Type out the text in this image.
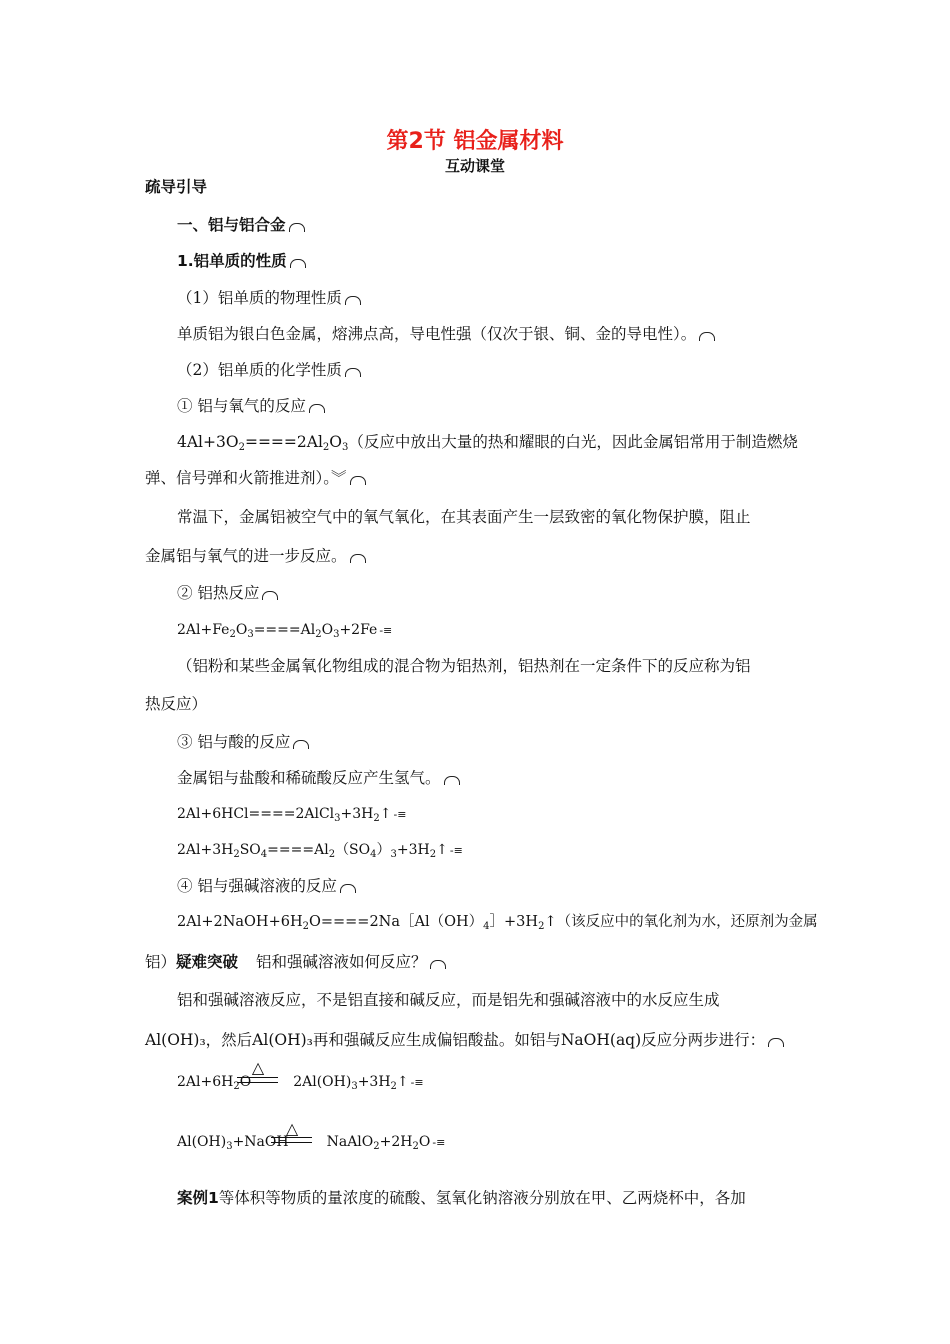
第2节 铝金属材料
互动课堂
疏导引导
一、铝与铝合金
1.铝单质的性质
（1）铝单质的物理性质
单质铝为银白色金属，熔沸点高，导电性强（仅次于银、铜、金的导电性）。
（2）铝单质的化学性质
① 铝与氧气的反应
4Al+3O2====2Al2O3（反应中放出大量的热和耀眼的白光，因此金属铝常用于制造燃烧
弹、信号弹和火箭推进剂）。︾
常温下，金属铝被空气中的氧气氧化，在其表面产生一层致密的氧化物保护膜，阻止
金属铝与氧气的进一步反应。
② 铝热反应
$2Al+Fe_2O_3====Al_2O_3+2Fe$ -≡
（铝粉和某些金属氧化物组成的混合物为铝热剂，铝热剂在一定条件下的反应称为铝
热反应）
③ 铝与酸的反应
金属铝与盐酸和稀硫酸反应产生氢气。
$2Al+6HCl====2AlCl_3+3H_2↑$ -≡
$2Al+3H_2SO_4====Al_2(SO_4)_3+3H_2↑$ -≡
④ 铝与强碱溶液的反应
$2Al+2NaOH+6H_2O====2Na[Al(OH)_4]+3H_2↑$（该反应中的氧化剂为水，还原剂为金属
铝）疑难突破 铝和强碱溶液如何反应？
铝和强碱溶液反应，不是铝直接和碱反应，而是铝先和强碱溶液中的水反应生成
Al(OH)₃，然后Al(OH)₃再和强碱反应生成偏铝酸盐。如铝与NaOH(aq)反应分两步进行：
$2Al+6H_2O$	$2Al(OH)_3+3H_2↑$ -≡
△
$Al(OH)_3+NaOH$	$NaAlO_2+2H_2O$ -≡
△
案例1等体积等物质的量浓度的硫酸、氢氧化钠溶液分别放在甲、乙两烧杯中，各加
